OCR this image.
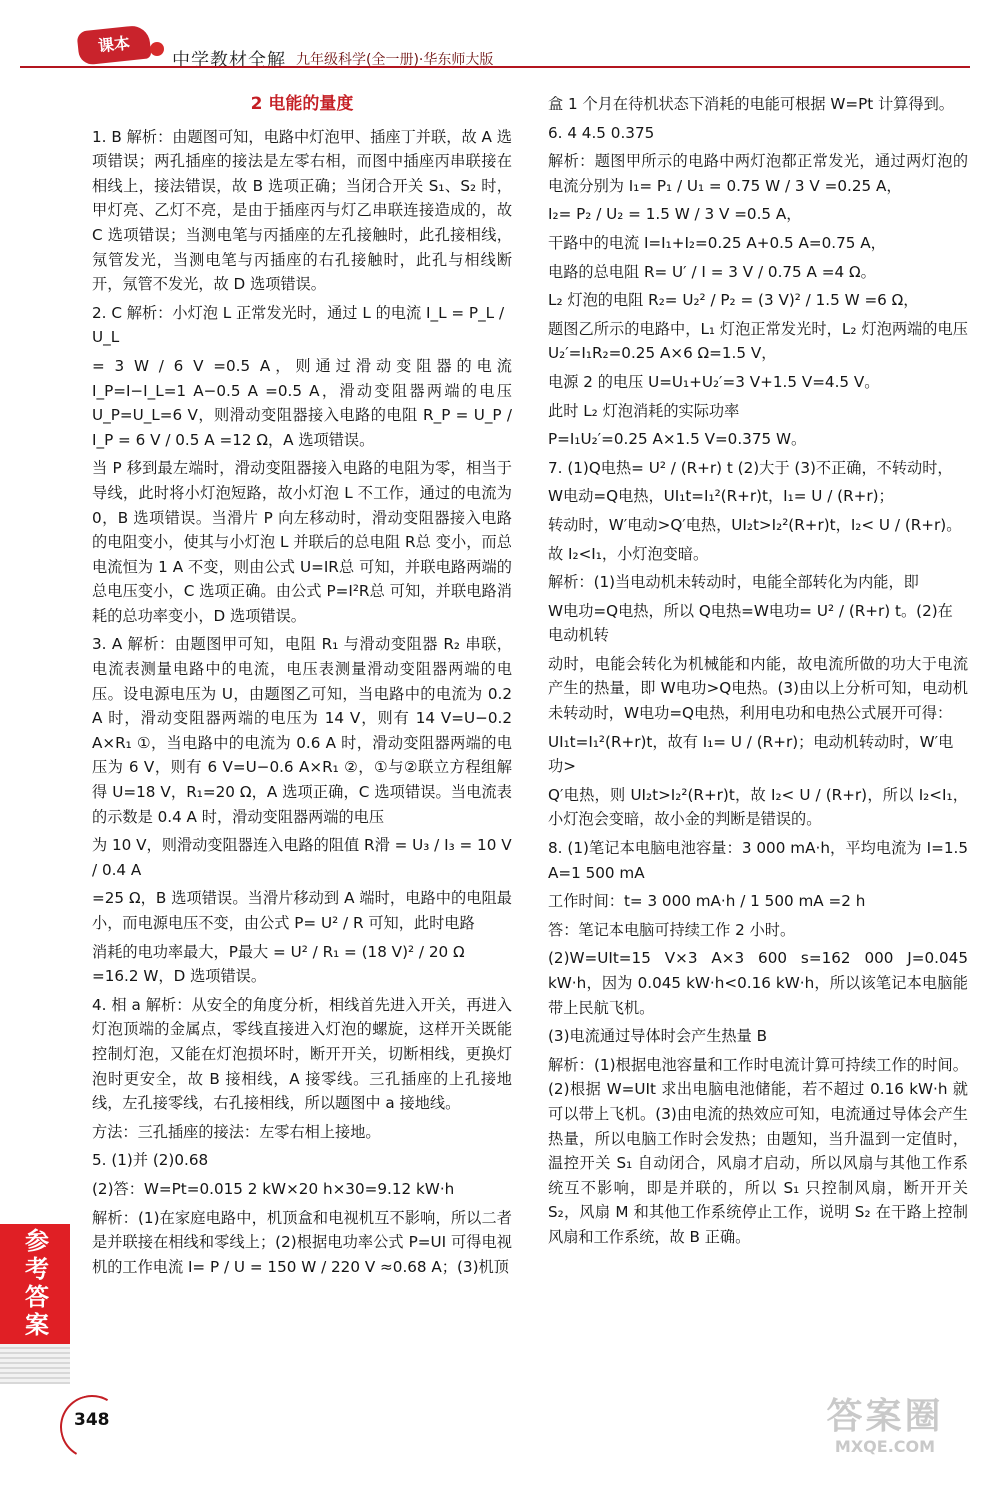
课本
中学教材全解 九年级科学(全一册)·华东师大版
2 电能的量度

1. B 解析：由题图可知，电路中灯泡甲、插座丁并联，故 A 选项错误；两孔插座的接法是左零右相，而图中插座丙串联接在相线上，接法错误，故 B 选项正确；当闭合开关 S₁、S₂ 时，甲灯亮、乙灯不亮，是由于插座丙与灯乙串联连接造成的，故 C 选项错误；当测电笔与丙插座的左孔接触时，此孔接相线，氖管发光，当测电笔与丙插座的右孔接触时，此孔与相线断开，氖管不发光，故 D 选项错误。

2. C 解析：小灯泡 L 正常发光时，通过 L 的电流 I_L = P_L / U_L

= 3 W / 6 V =0.5 A，则通过滑动变阻器的电流 I_P=I−I_L=1 A−0.5 A =0.5 A，滑动变阻器两端的电压 U_P=U_L=6 V，则滑动变阻器接入电路的电阻 R_P = U_P / I_P = 6 V / 0.5 A =12 Ω，A 选项错误。

当 P 移到最左端时，滑动变阻器接入电路的电阻为零，相当于导线，此时将小灯泡短路，故小灯泡 L 不工作，通过的电流为 0，B 选项错误。当滑片 P 向左移动时，滑动变阻器接入电路的电阻变小，使其与小灯泡 L 并联后的总电阻 R总 变小，而总电流恒为 1 A 不变，则由公式 U=IR总 可知，并联电路两端的总电压变小，C 选项正确。由公式 P=I²R总 可知，并联电路消耗的总功率变小，D 选项错误。

3. A 解析：由题图甲可知，电阻 R₁ 与滑动变阻器 R₂ 串联，电流表测量电路中的电流，电压表测量滑动变阻器两端的电压。设电源电压为 U，由题图乙可知，当电路中的电流为 0.2 A 时，滑动变阻器两端的电压为 14 V，则有 14 V=U−0.2 A×R₁ ①，当电路中的电流为 0.6 A 时，滑动变阻器两端的电压为 6 V，则有 6 V=U−0.6 A×R₁ ②，①与②联立方程组解得 U=18 V，R₁=20 Ω，A 选项正确，C 选项错误。当电流表的示数是 0.4 A 时，滑动变阻器两端的电压

为 10 V，则滑动变阻器连入电路的阻值 R滑 = U₃ / I₃ = 10 V / 0.4 A

=25 Ω，B 选项错误。当滑片移动到 A 端时，电路中的电阻最小，而电源电压不变，由公式 P= U² / R 可知，此时电路

消耗的电功率最大，P最大 = U² / R₁ = (18 V)² / 20 Ω =16.2 W，D 选项错误。

4. 相 a 解析：从安全的角度分析，相线首先进入开关，再进入灯泡顶端的金属点，零线直接进入灯泡的螺旋，这样开关既能控制灯泡，又能在灯泡损坏时，断开开关，切断相线，更换灯泡时更安全，故 B 接相线，A 接零线。三孔插座的上孔接地线，左孔接零线，右孔接相线，所以题图中 a 接地线。

方法：三孔插座的接法：左零右相上接地。

5. (1)并 (2)0.68

(2)答：W=Pt=0.015 2 kW×20 h×30=9.12 kW·h

解析：(1)在家庭电路中，机顶盒和电视机互不影响，所以二者是并联接在相线和零线上；(2)根据电功率公式 P=UI 可得电视机的工作电流 I= P / U = 150 W / 220 V ≈0.68 A；(3)机顶

盒 1 个月在待机状态下消耗的电能可根据 W=Pt 计算得到。

6. 4 4.5 0.375

解析：题图甲所示的电路中两灯泡都正常发光，通过两灯泡的电流分别为 I₁= P₁ / U₁ = 0.75 W / 3 V =0.25 A，

I₂= P₂ / U₂ = 1.5 W / 3 V =0.5 A，

干路中的电流 I=I₁+I₂=0.25 A+0.5 A=0.75 A，

电路的总电阻 R= U′ / I = 3 V / 0.75 A =4 Ω。

L₂ 灯泡的电阻 R₂= U₂² / P₂ = (3 V)² / 1.5 W =6 Ω，

题图乙所示的电路中，L₁ 灯泡正常发光时，L₂ 灯泡两端的电压 U₂′=I₁R₂=0.25 A×6 Ω=1.5 V，

电源 2 的电压 U=U₁+U₂′=3 V+1.5 V=4.5 V。

此时 L₂ 灯泡消耗的实际功率

P=I₁U₂′=0.25 A×1.5 V=0.375 W。

7. (1)Q电热= U² / (R+r) t (2)大于 (3)不正确，不转动时，

W电动=Q电热，UI₁t=I₁²(R+r)t，I₁= U / (R+r)；

转动时，W′电动>Q′电热，UI₂t>I₂²(R+r)t，I₂< U / (R+r)。

故 I₂<I₁，小灯泡变暗。

解析：(1)当电动机未转动时，电能全部转化为内能，即

W电功=Q电热，所以 Q电热=W电功= U² / (R+r) t。(2)在电动机转

动时，电能会转化为机械能和内能，故电流所做的功大于电流产生的热量，即 W电功>Q电热。(3)由以上分析可知，电动机未转动时，W电功=Q电热，利用电功和电热公式展开可得：

UI₁t=I₁²(R+r)t，故有 I₁= U / (R+r)；电动机转动时，W′电功>

Q′电热，则 UI₂t>I₂²(R+r)t，故 I₂< U / (R+r)，所以 I₂<I₁，小灯泡会变暗，故小金的判断是错误的。

8. (1)笔记本电脑电池容量：3 000 mA·h，平均电流为 I=1.5 A=1 500 mA

工作时间：t= 3 000 mA·h / 1 500 mA =2 h

答：笔记本电脑可持续工作 2 小时。

(2)W=UIt=15 V×3 A×3 600 s=162 000 J=0.045 kW·h，因为 0.045 kW·h<0.16 kW·h，所以该笔记本电脑能带上民航飞机。

(3)电流通过导体时会产生热量 B

解析：(1)根据电池容量和工作时电流计算可持续工作的时间。(2)根据 W=UIt 求出电脑电池储能，若不超过 0.16 kW·h 就可以带上飞机。(3)由电流的热效应可知，电流通过导体会产生热量，所以电脑工作时会发热；由题知，当升温到一定值时，温控开关 S₁ 自动闭合，风扇才启动，所以风扇与其他工作系统互不影响，即是并联的，所以 S₁ 只控制风扇，断开开关 S₂，风扇 M 和其他工作系统停止工作，说明 S₂ 在干路上控制风扇和工作系统，故 B 正确。

参考答案
348	答案圈
MXQE.COM
